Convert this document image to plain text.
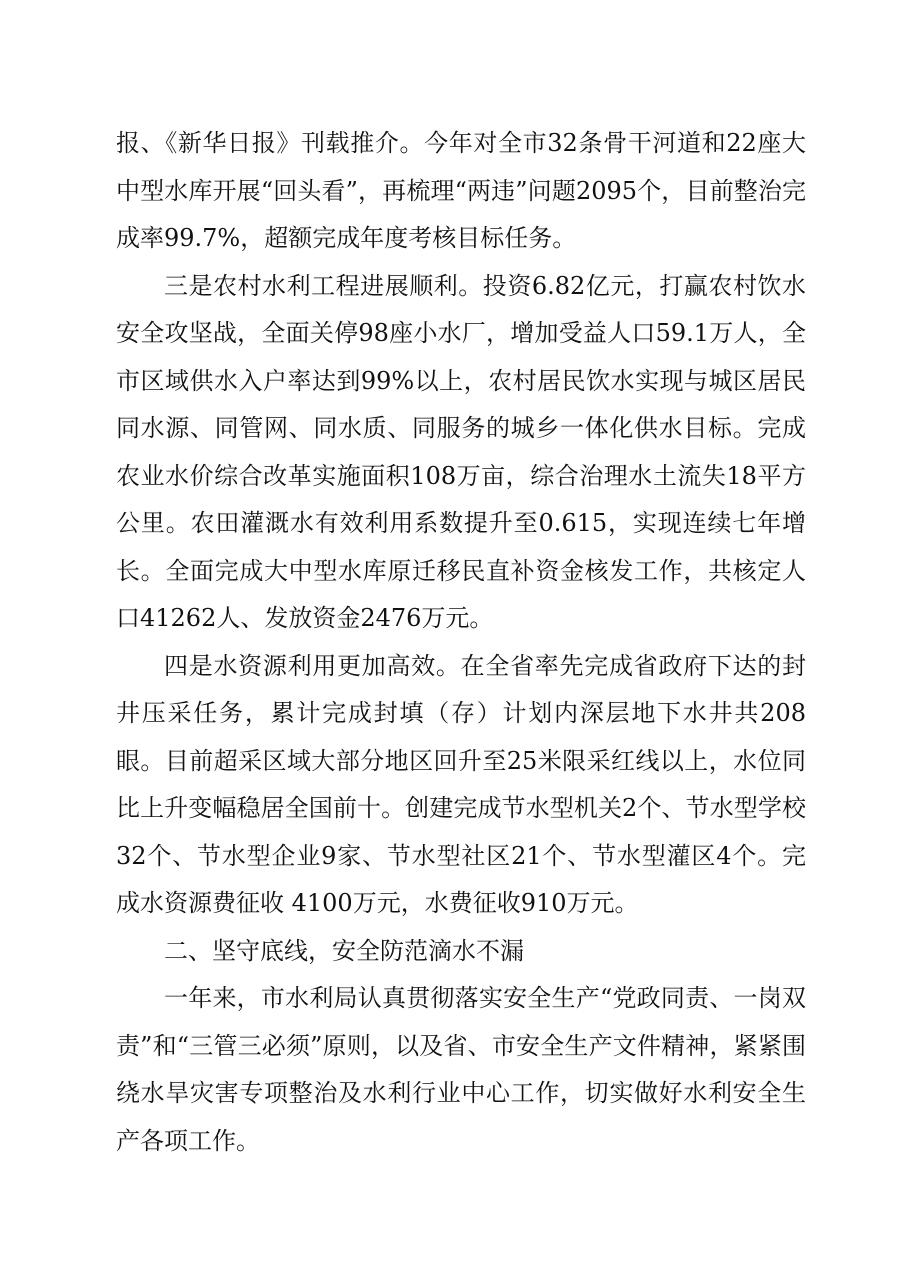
报、《新华日报》刊载推介。今年对全市32条骨干河道和22座大中型水库开展“回头看”，再梳理“两违”问题2095个，目前整治完成率99.7%，超额完成年度考核目标任务。

三是农村水利工程进展顺利。投资6.82亿元，打赢农村饮水安全攻坚战，全面关停98座小水厂，增加受益人口59.1万人，全市区域供水入户率达到99%以上，农村居民饮水实现与城区居民同水源、同管网、同水质、同服务的城乡一体化供水目标。完成农业水价综合改革实施面积108万亩，综合治理水土流失18平方公里。农田灌溉水有效利用系数提升至0.615，实现连续七年增长。全面完成大中型水库原迁移民直补资金核发工作，共核定人口41262人、发放资金2476万元。

四是水资源利用更加高效。在全省率先完成省政府下达的封井压采任务，累计完成封填（存）计划内深层地下水井共208眼。目前超采区域大部分地区回升至25米限采红线以上，水位同比上升变幅稳居全国前十。创建完成节水型机关2个、节水型学校32个、节水型企业9家、节水型社区21个、节水型灌区4个。完成水资源费征收 4100万元，水费征收910万元。

二、坚守底线，安全防范滴水不漏

一年来，市水利局认真贯彻落实安全生产“党政同责、一岗双责”和“三管三必须”原则，以及省、市安全生产文件精神，紧紧围绕水旱灾害专项整治及水利行业中心工作，切实做好水利安全生产各项工作。
